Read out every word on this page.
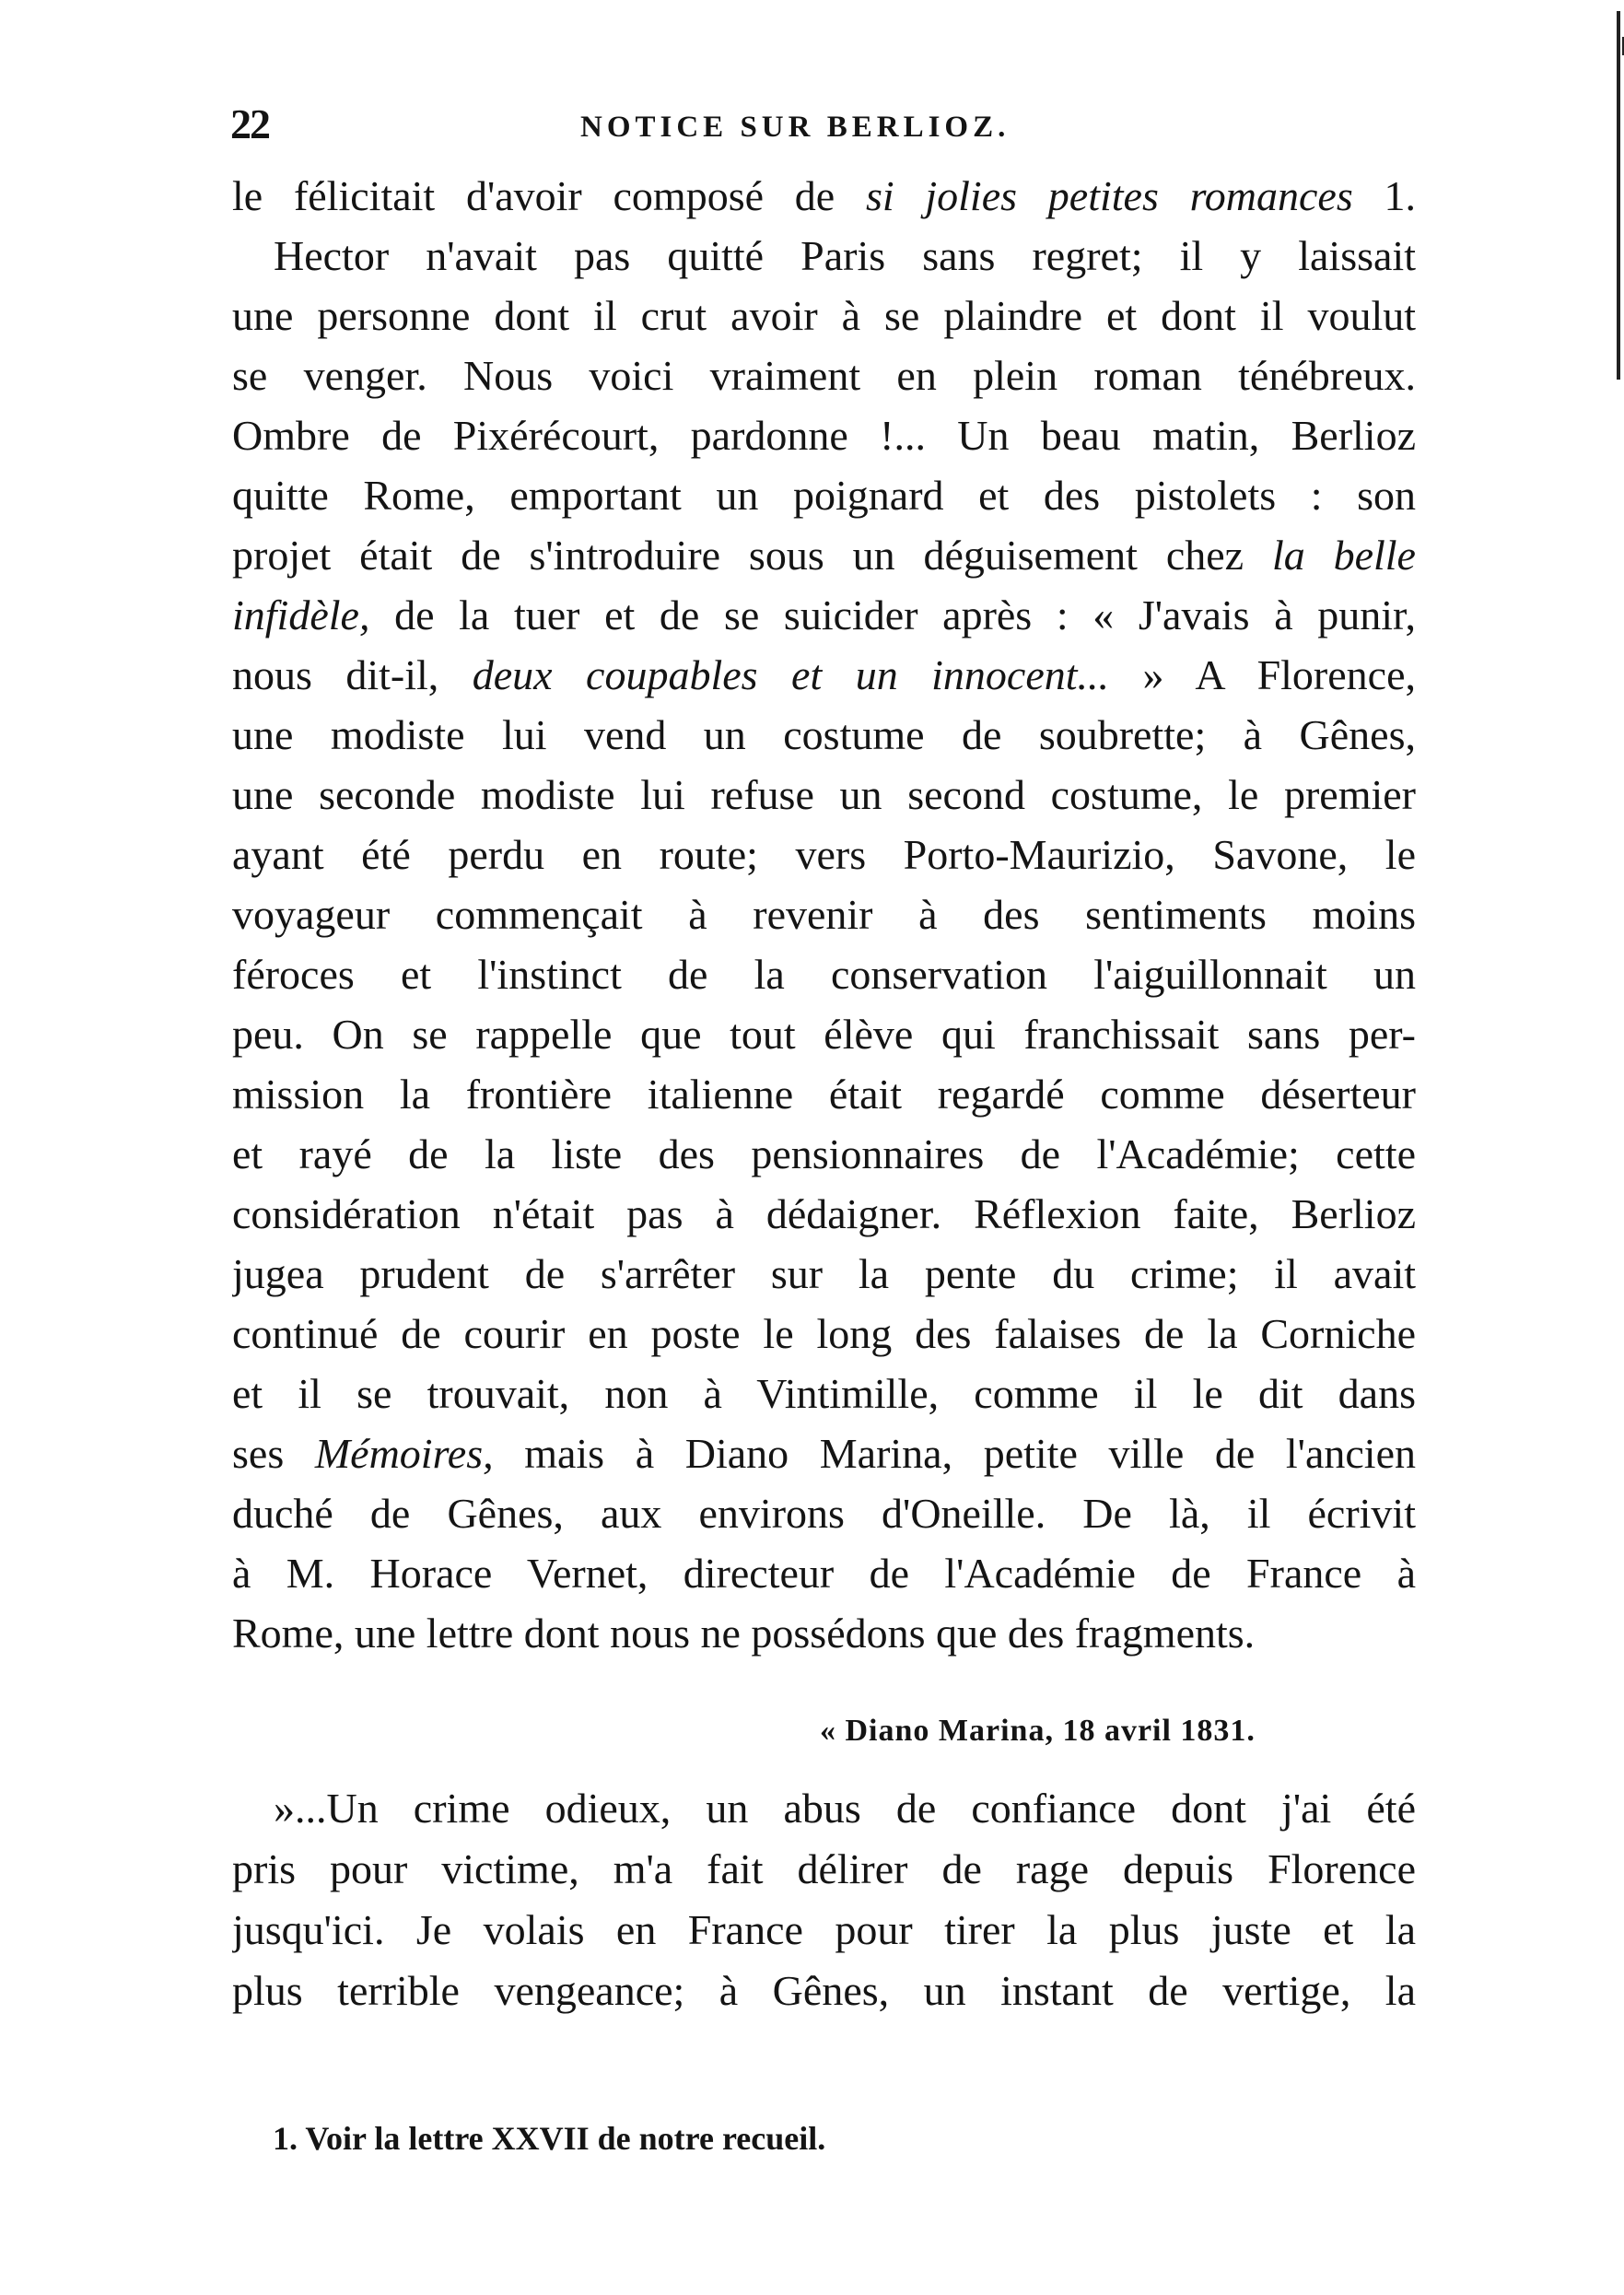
22	NOTICE SUR BERLIOZ.
le félicitait d'avoir composé de si jolies petites romances 1.
Hector n'avait pas quitté Paris sans regret; il y laissait
une personne dont il crut avoir à se plaindre et dont il voulut
se venger. Nous voici vraiment en plein roman ténébreux.
Ombre de Pixérécourt, pardonne !... Un beau matin, Berlioz
quitte Rome, emportant un poignard et des pistolets : son
projet était de s'introduire sous un déguisement chez la belle
infidèle, de la tuer et de se suicider après : « J'avais à punir,
nous dit-il, deux coupables et un innocent... » A Florence,
une modiste lui vend un costume de soubrette; à Gênes,
une seconde modiste lui refuse un second costume, le premier
ayant été perdu en route; vers Porto-Maurizio, Savone, le
voyageur commençait à revenir à des sentiments moins
féroces et l'instinct de la conservation l'aiguillonnait un
peu. On se rappelle que tout élève qui franchissait sans per-
mission la frontière italienne était regardé comme déserteur
et rayé de la liste des pensionnaires de l'Académie; cette
considération n'était pas à dédaigner. Réflexion faite, Berlioz
jugea prudent de s'arrêter sur la pente du crime; il avait
continué de courir en poste le long des falaises de la Corniche
et il se trouvait, non à Vintimille, comme il le dit dans
ses Mémoires, mais à Diano Marina, petite ville de l'ancien
duché de Gênes, aux environs d'Oneille. De là, il écrivit
à M. Horace Vernet, directeur de l'Académie de France à
Rome, une lettre dont nous ne possédons que des fragments.
« Diano Marina, 18 avril 1831.
»...Un crime odieux, un abus de confiance dont j'ai été
pris pour victime, m'a fait délirer de rage depuis Florence
jusqu'ici. Je volais en France pour tirer la plus juste et la
plus terrible vengeance; à Gênes, un instant de vertige, la
1. Voir la lettre XXVII de notre recueil.
